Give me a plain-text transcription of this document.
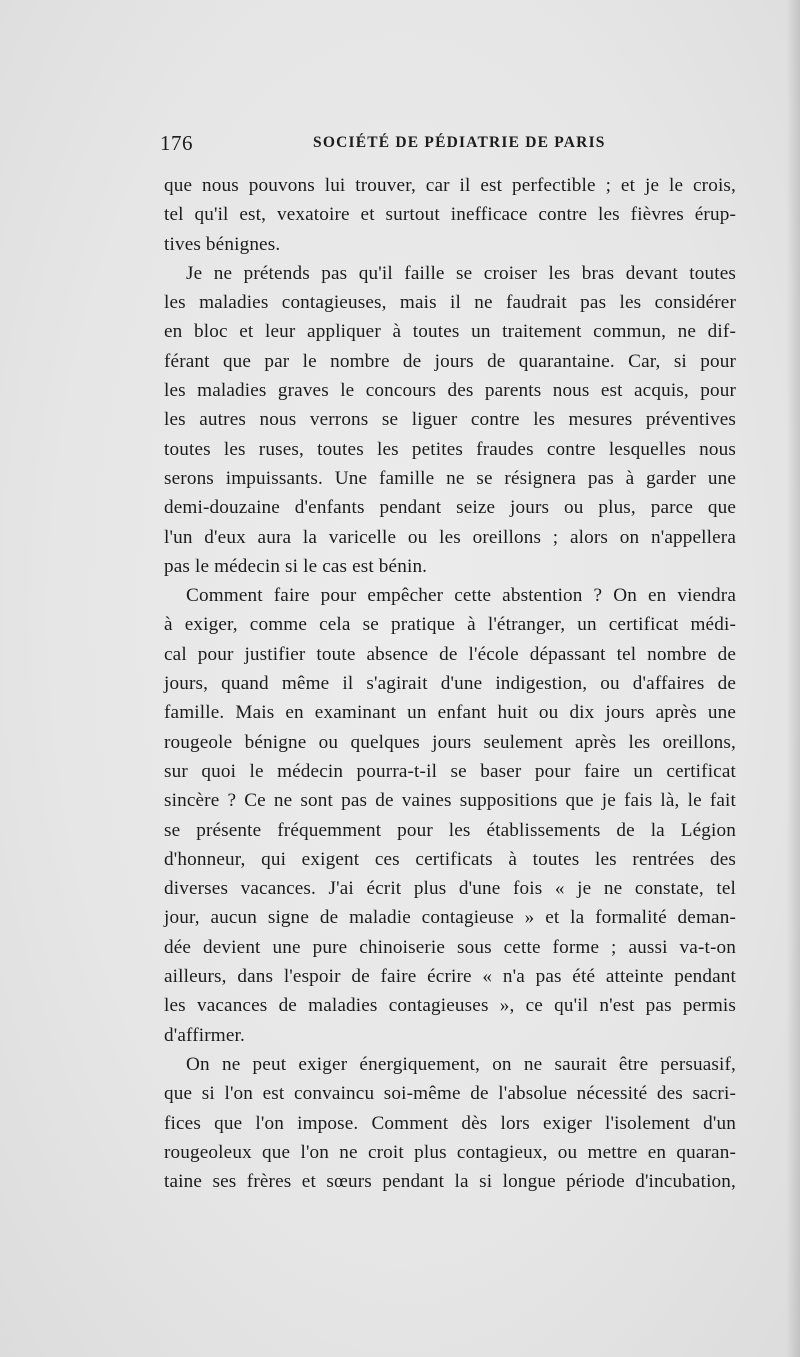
176	SOCIÉTÉ DE PÉDIATRIE DE PARIS
que nous pouvons lui trouver, car il est perfectible ; et je le crois,
tel qu'il est, vexatoire et surtout inefficace contre les fièvres érup-
tives bénignes.
Je ne prétends pas qu'il faille se croiser les bras devant toutes
les maladies contagieuses, mais il ne faudrait pas les considérer
en bloc et leur appliquer à toutes un traitement commun, ne dif-
férant que par le nombre de jours de quarantaine. Car, si pour
les maladies graves le concours des parents nous est acquis, pour
les autres nous verrons se liguer contre les mesures préventives
toutes les ruses, toutes les petites fraudes contre lesquelles nous
serons impuissants. Une famille ne se résignera pas à garder une
demi-douzaine d'enfants pendant seize jours ou plus, parce que
l'un d'eux aura la varicelle ou les oreillons ; alors on n'appellera
pas le médecin si le cas est bénin.
Comment faire pour empêcher cette abstention ? On en viendra
à exiger, comme cela se pratique à l'étranger, un certificat médi-
cal pour justifier toute absence de l'école dépassant tel nombre de
jours, quand même il s'agirait d'une indigestion, ou d'affaires de
famille. Mais en examinant un enfant huit ou dix jours après une
rougeole bénigne ou quelques jours seulement après les oreillons,
sur quoi le médecin pourra-t-il se baser pour faire un certificat
sincère ? Ce ne sont pas de vaines suppositions que je fais là, le fait
se présente fréquemment pour les établissements de la Légion
d'honneur, qui exigent ces certificats à toutes les rentrées des
diverses vacances. J'ai écrit plus d'une fois « je ne constate, tel
jour, aucun signe de maladie contagieuse » et la formalité deman-
dée devient une pure chinoiserie sous cette forme ; aussi va-t-on
ailleurs, dans l'espoir de faire écrire « n'a pas été atteinte pendant
les vacances de maladies contagieuses », ce qu'il n'est pas permis
d'affirmer.
On ne peut exiger énergiquement, on ne saurait être persuasif,
que si l'on est convaincu soi-même de l'absolue nécessité des sacri-
fices que l'on impose. Comment dès lors exiger l'isolement d'un
rougeoleux que l'on ne croit plus contagieux, ou mettre en quaran-
taine ses frères et sœurs pendant la si longue période d'incubation,
